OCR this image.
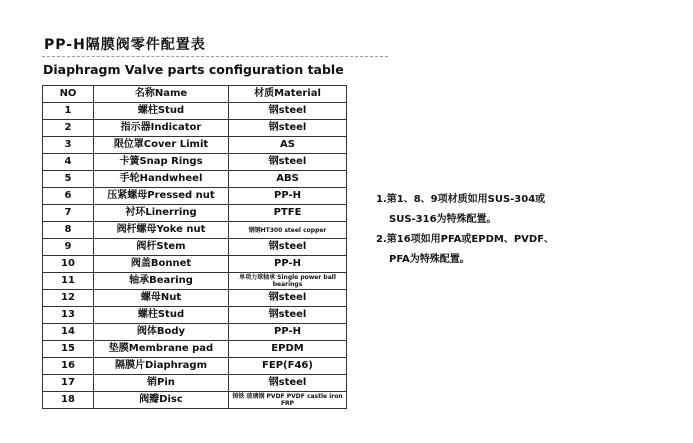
PP-H隔膜阀零件配置表
Diaphragm Valve parts configuration table
NO	名称Name	材质Material
1	螺柱Stud	钢steel
2	指示器Indicator	钢steel
3	限位罩Cover Limit	AS
4	卡簧Snap Rings	钢steel
5	手轮Handwheel	ABS
6	压紧螺母Pressed nut	PP-H
7	衬环Linerring	PTFE
8	阀杆螺母Yoke nut	钢钢HT300 steel copper
9	阀杆Stem	钢steel
10	阀盖Bonnet	PP-H
11	轴承Bearing	单项力球轴承 Single power ball bearings
12	螺母Nut	钢steel
13	螺柱Stud	钢steel
14	阀体Body	PP-H
15	垫膜Membrane pad	EPDM
16	隔膜片Diaphragm	FEP(F46)
17	销Pin	钢steel
18	阀瓣Disc	铸铁 玻璃钢 PVDF PVDF castle iron FRP
1.第1、8、9项材质如用SUS-304或
SUS-316为特殊配置。
2.第16项如用PFA或EPDM、PVDF、
PFA为特殊配置。
